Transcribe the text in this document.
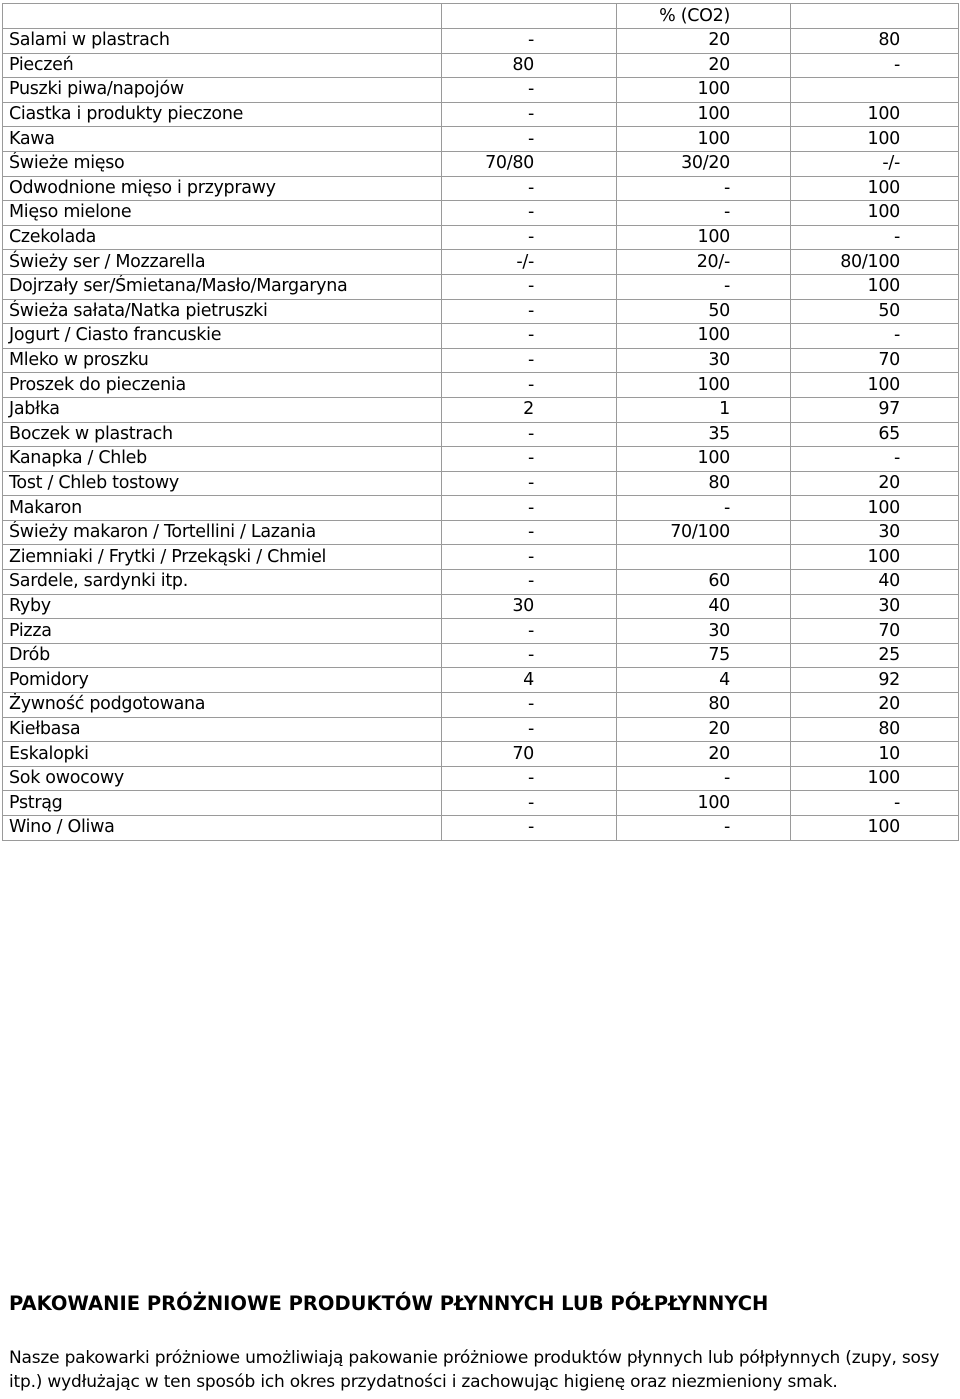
		% (CO2)	
Salami w plastrach	-	20	80
Pieczeń	80	20	-
Puszki piwa/napojów	-	100	
Ciastka i produkty pieczone	-	100	100
Kawa	-	100	100
Świeże mięso	70/80	30/20	-/-
Odwodnione mięso i przyprawy	-	-	100
Mięso mielone	-	-	100
Czekolada	-	100	-
Świeży ser / Mozzarella	-/-	20/-	80/100
Dojrzały ser/Śmietana/Masło/Margaryna	-	-	100
Świeża sałata/Natka pietruszki	-	50	50
Jogurt / Ciasto francuskie	-	100	-
Mleko w proszku	-	30	70
Proszek do pieczenia	-	100	100
Jabłka	2	1	97
Boczek w plastrach	-	35	65
Kanapka / Chleb	-	100	-
Tost / Chleb tostowy	-	80	20
Makaron	-	-	100
Świeży makaron / Tortellini / Lazania	-	70/100	30
Ziemniaki / Frytki / Przekąski / Chmiel	-		100
Sardele, sardynki itp.	-	60	40
Ryby	30	40	30
Pizza	-	30	70
Drób	-	75	25
Pomidory	4	4	92
Żywność podgotowana	-	80	20
Kiełbasa	-	20	80
Eskalopki	70	20	10
Sok owocowy	-	-	100
Pstrąg	-	100	-
Wino / Oliwa	-	-	100
PAKOWANIE PRÓŻNIOWE PRODUKTÓW PŁYNNYCH LUB PÓŁPŁYNNYCH

Nasze pakowarki próżniowe umożliwiają pakowanie próżniowe produktów płynnych lub półpłynnych (zupy, sosy itp.) wydłużając w ten sposób ich okres przydatności i zachowując higienę oraz niezmieniony smak.
